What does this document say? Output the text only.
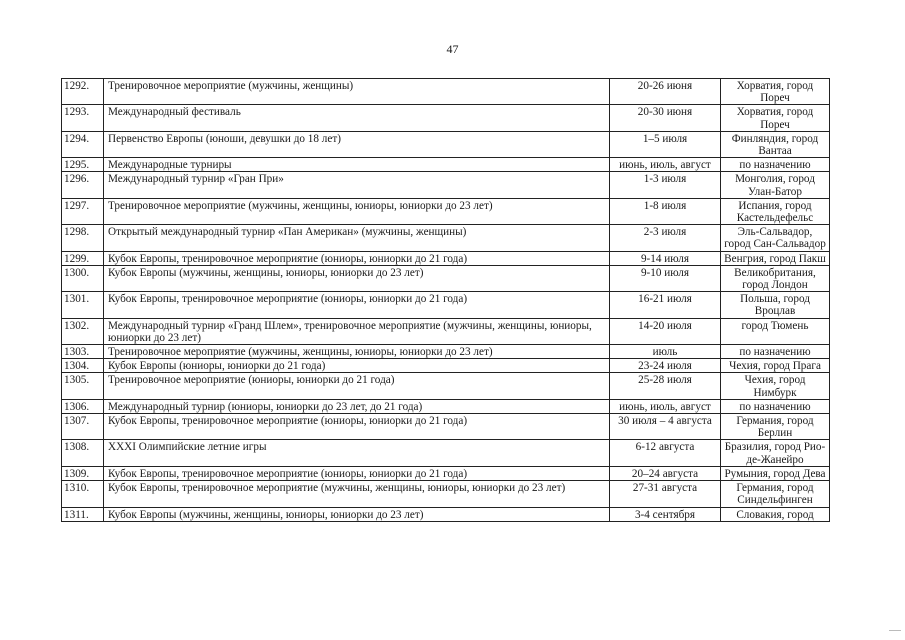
47
1292.	Тренировочное мероприятие (мужчины, женщины)	20-26 июня	Хорватия, город Пореч
1293.	Международный фестиваль	20-30 июня	Хорватия, город Пореч
1294.	Первенство Европы (юноши, девушки до 18 лет)	1–5 июля	Финляндия, город Вантаа
1295.	Международные турниры	июнь, июль, август	по назначению
1296.	Международный турнир «Гран При»	1-3 июля	Монголия, город Улан-Батор
1297.	Тренировочное мероприятие (мужчины, женщины, юниоры, юниорки до 23 лет)	1-8 июля	Испания, город Кастельдефельс
1298.	Открытый международный турнир «Пан Американ» (мужчины, женщины)	2-3 июля	Эль-Сальвадор, город Сан-Сальвадор
1299.	Кубок Европы, тренировочное мероприятие (юниоры, юниорки до 21 года)	9-14 июля	Венгрия, город Пакш
1300.	Кубок Европы (мужчины, женщины, юниоры, юниорки до 23 лет)	9-10 июля	Великобритания, город Лондон
1301.	Кубок Европы, тренировочное мероприятие (юниоры, юниорки до 21 года)	16-21 июля	Польша, город Вроцлав
1302.	Международный турнир «Гранд Шлем», тренировочное мероприятие (мужчины, женщины, юниоры, юниорки до 23 лет)	14-20 июля	город Тюмень
1303.	Тренировочное мероприятие (мужчины, женщины, юниоры, юниорки до 23 лет)	июль	по назначению
1304.	Кубок Европы (юниоры, юниорки до 21 года)	23-24 июля	Чехия, город Прага
1305.	Тренировочное мероприятие (юниоры, юниорки до 21 года)	25-28 июля	Чехия, город Нимбурк
1306.	Международный турнир (юниоры, юниорки до 23 лет, до 21 года)	июнь, июль, август	по назначению
1307.	Кубок Европы, тренировочное мероприятие (юниоры, юниорки до 21 года)	30 июля – 4 августа	Германия, город Берлин
1308.	XXXI Олимпийские летние игры	6-12 августа	Бразилия, город Рио-де-Жанейро
1309.	Кубок Европы, тренировочное мероприятие (юниоры, юниорки до 21 года)	20–24 августа	Румыния, город Дева
1310.	Кубок Европы, тренировочное мероприятие (мужчины, женщины, юниоры, юниорки до 23 лет)	27-31 августа	Германия, город Синдельфинген
1311.	Кубок Европы (мужчины, женщины, юниоры, юниорки до 23 лет)	3-4 сентября	Словакия, город
